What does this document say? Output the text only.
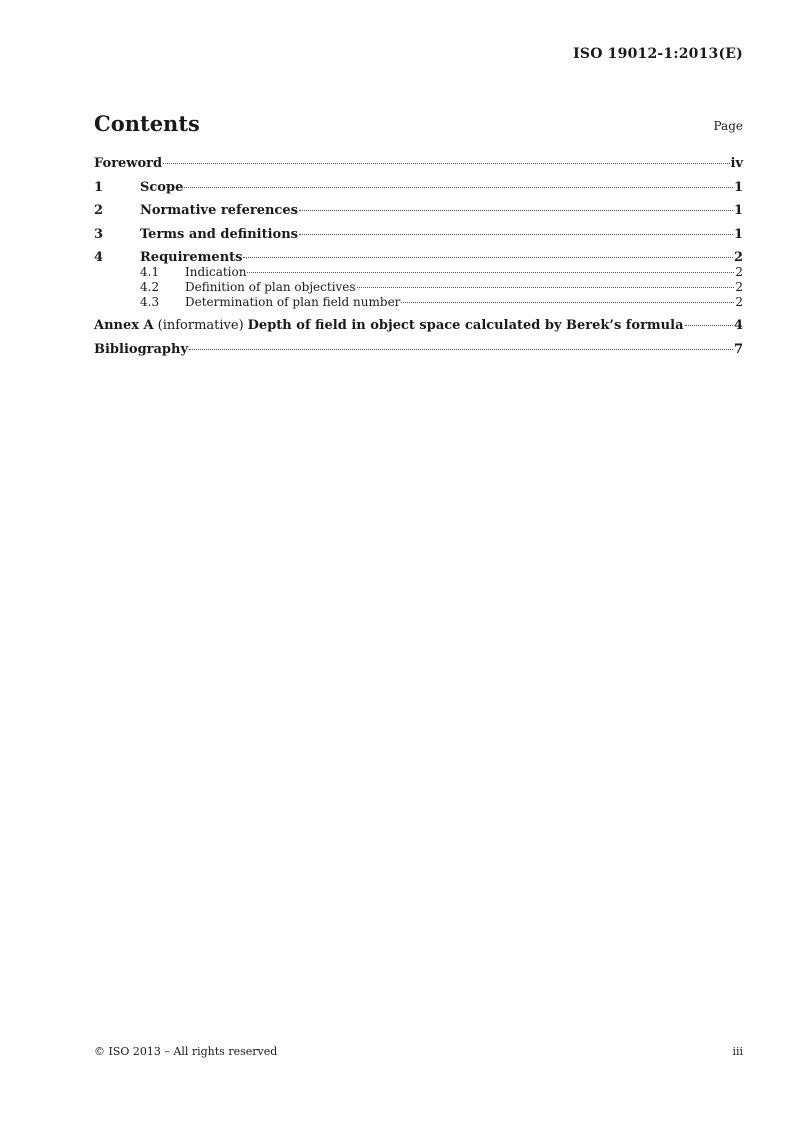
ISO 19012-1:2013(E)
Contents	Page
Foreword	iv
1	Scope	1
2	Normative references	1
3	Terms and definitions	1
4	Requirements	2
4.1	Indication	2
4.2	Definition of plan objectives	2
4.3	Determination of plan field number	2
Annex A (informative) Depth of field in object space calculated by Berek’s formula	4
Bibliography	7
© ISO 2013 – All rights reserved	iii
